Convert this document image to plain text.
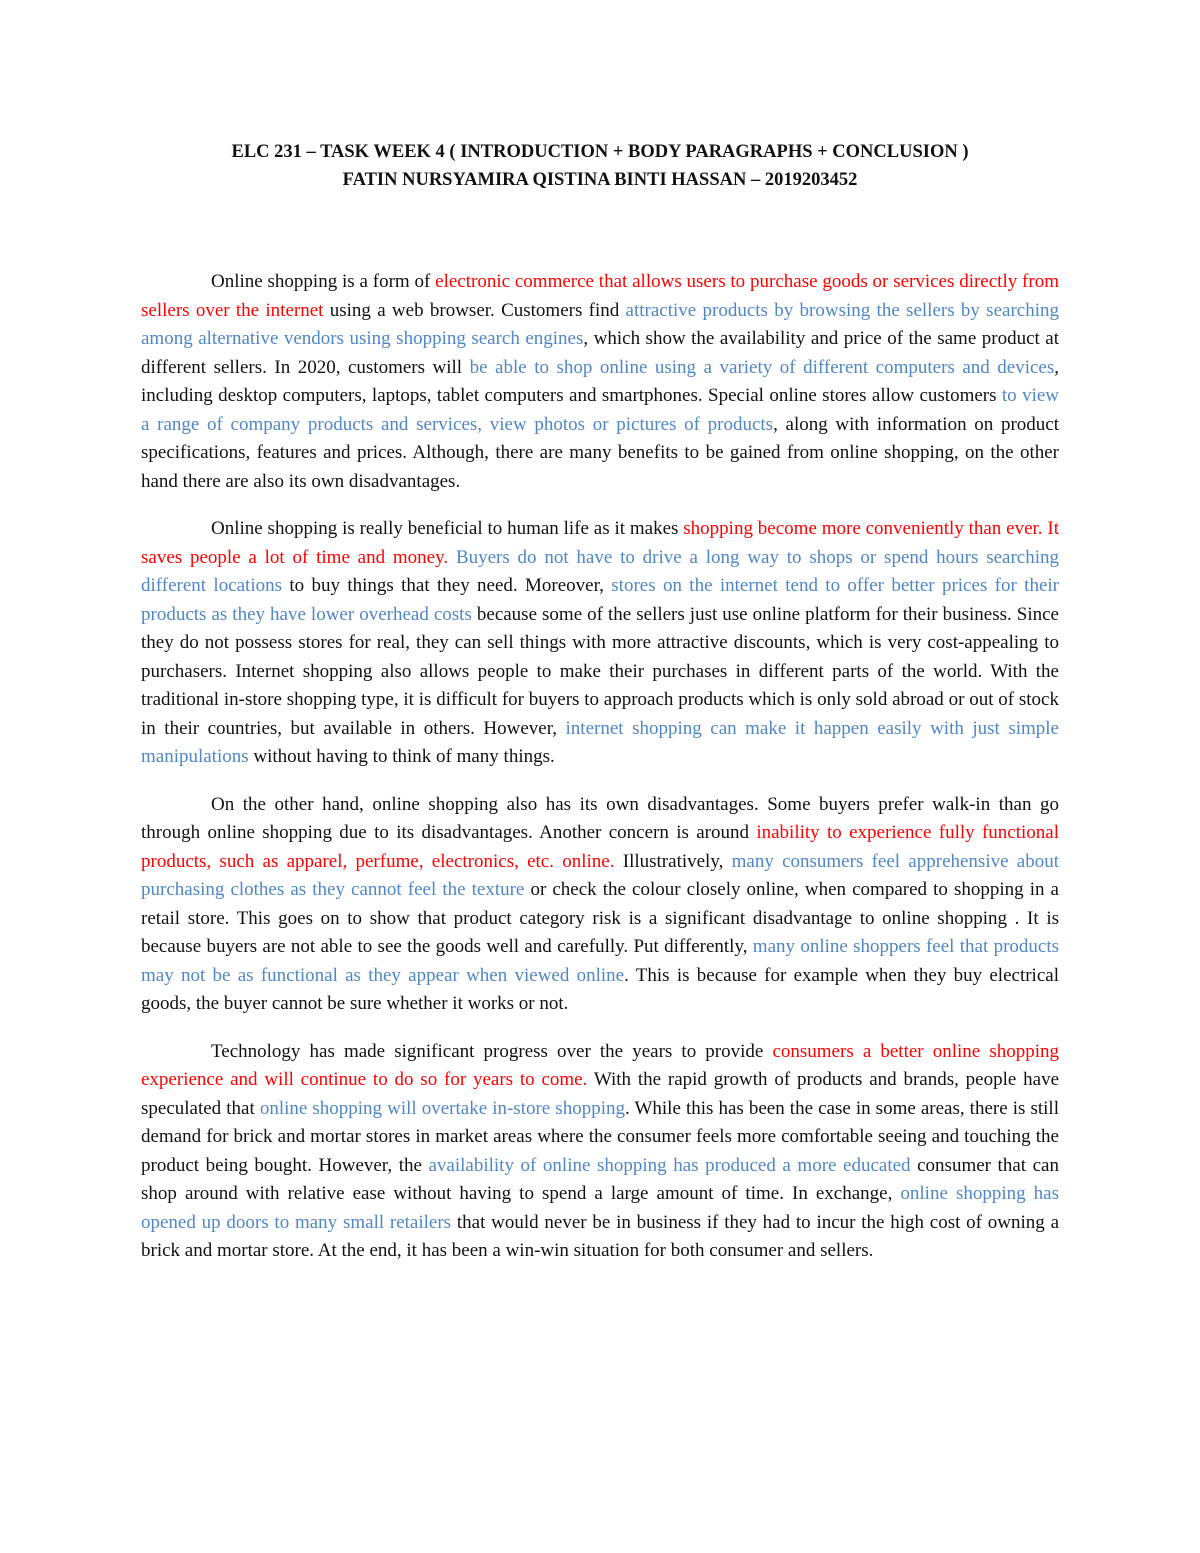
ELC 231 – TASK WEEK 4 ( INTRODUCTION + BODY PARAGRAPHS + CONCLUSION )

FATIN NURSYAMIRA QISTINA BINTI HASSAN – 2019203452

Online shopping is a form of electronic commerce that allows users to purchase goods or services directly from sellers over the internet using a web browser. Customers find attractive products by browsing the sellers by searching among alternative vendors using shopping search engines, which show the availability and price of the same product at different sellers. In 2020, customers will be able to shop online using a variety of different computers and devices, including desktop computers, laptops, tablet computers and smartphones. Special online stores allow customers to view a range of company products and services, view photos or pictures of products, along with information on product specifications, features and prices. Although, there are many benefits to be gained from online shopping, on the other hand there are also its own disadvantages.

Online shopping is really beneficial to human life as it makes shopping become more conveniently than ever. It saves people a lot of time and money. Buyers do not have to drive a long way to shops or spend hours searching different locations to buy things that they need. Moreover, stores on the internet tend to offer better prices for their products as they have lower overhead costs because some of the sellers just use online platform for their business. Since they do not possess stores for real, they can sell things with more attractive discounts, which is very cost-appealing to purchasers. Internet shopping also allows people to make their purchases in different parts of the world. With the traditional in-store shopping type, it is difficult for buyers to approach products which is only sold abroad or out of stock in their countries, but available in others. However, internet shopping can make it happen easily with just simple manipulations without having to think of many things.

On the other hand, online shopping also has its own disadvantages. Some buyers prefer walk-in than go through online shopping due to its disadvantages. Another concern is around inability to experience fully functional products, such as apparel, perfume, electronics, etc. online. Illustratively, many consumers feel apprehensive about purchasing clothes as they cannot feel the texture or check the colour closely online, when compared to shopping in a retail store. This goes on to show that product category risk is a significant disadvantage to online shopping . It is because buyers are not able to see the goods well and carefully. Put differently, many online shoppers feel that products may not be as functional as they appear when viewed online. This is because for example when they buy electrical goods, the buyer cannot be sure whether it works or not.

Technology has made significant progress over the years to provide consumers a better online shopping experience and will continue to do so for years to come. With the rapid growth of products and brands, people have speculated that online shopping will overtake in-store shopping. While this has been the case in some areas, there is still demand for brick and mortar stores in market areas where the consumer feels more comfortable seeing and touching the product being bought. However, the availability of online shopping has produced a more educated consumer that can shop around with relative ease without having to spend a large amount of time. In exchange, online shopping has opened up doors to many small retailers that would never be in business if they had to incur the high cost of owning a brick and mortar store. At the end, it has been a win-win situation for both consumer and sellers.
